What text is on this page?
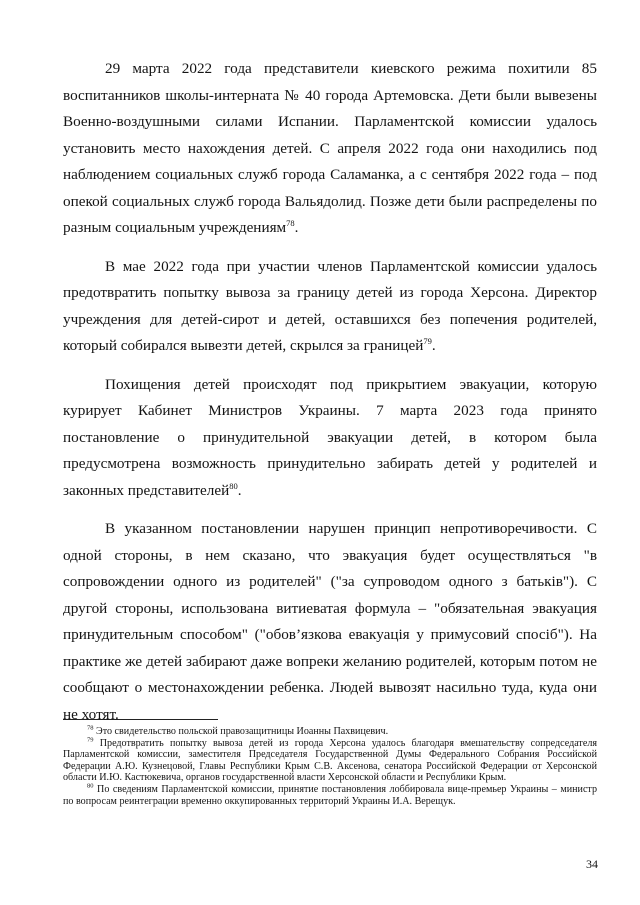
29 марта 2022 года представители киевского режима похитили 85 воспитанников школы-интерната № 40 города Артемовска. Дети были вывезены Военно-воздушными силами Испании. Парламентской комиссии удалось установить место нахождения детей. С апреля 2022 года они находились под наблюдением социальных служб города Саламанка, а с сентября 2022 года – под опекой социальных служб города Вальядолид. Позже дети были распределены по разным социальным учреждениям$^{78}$.

В мае 2022 года при участии членов Парламентской комиссии удалось предотвратить попытку вывоза за границу детей из города Херсона. Директор учреждения для детей-сирот и детей, оставшихся без попечения родителей, который собирался вывезти детей, скрылся за границей$^{79}$.

Похищения детей происходят под прикрытием эвакуации, которую курирует Кабинет Министров Украины. 7 марта 2023 года принято постановление о принудительной эвакуации детей, в котором была предусмотрена возможность принудительно забирать детей у родителей и законных представителей$^{80}$.

В указанном постановлении нарушен принцип непротиворечивости. С одной стороны, в нем сказано, что эвакуация будет осуществляться "в сопровождении одного из родителей" ("за супроводом одного з батьків"). С другой стороны, использована витиеватая формула – "обязательная эвакуация принудительным способом" ("обов’язкова евакуація у примусовий спосіб"). На практике же детей забирают даже вопреки желанию родителей, которым потом не сообщают о местонахождении ребенка. Людей вывозят насильно туда, куда они не хотят.

$^{78}$ Это свидетельство польской правозащитницы Иоанны Пахвицевич.

$^{79}$ Предотвратить попытку вывоза детей из города Херсона удалось благодаря вмешательству сопредседателя Парламентской комиссии, заместителя Председателя Государственной Думы Федерального Собрания Российской Федерации А.Ю. Кузнецовой, Главы Республики Крым С.В. Аксенова, сенатора Российской Федерации от Херсонской области И.Ю. Кастюкевича, органов государственной власти Херсонской области и Республики Крым.

$^{80}$ По сведениям Парламентской комиссии, принятие постановления лоббировала вице-премьер Украины – министр по вопросам реинтеграции временно оккупированных территорий Украины И.А. Верещук.

34
